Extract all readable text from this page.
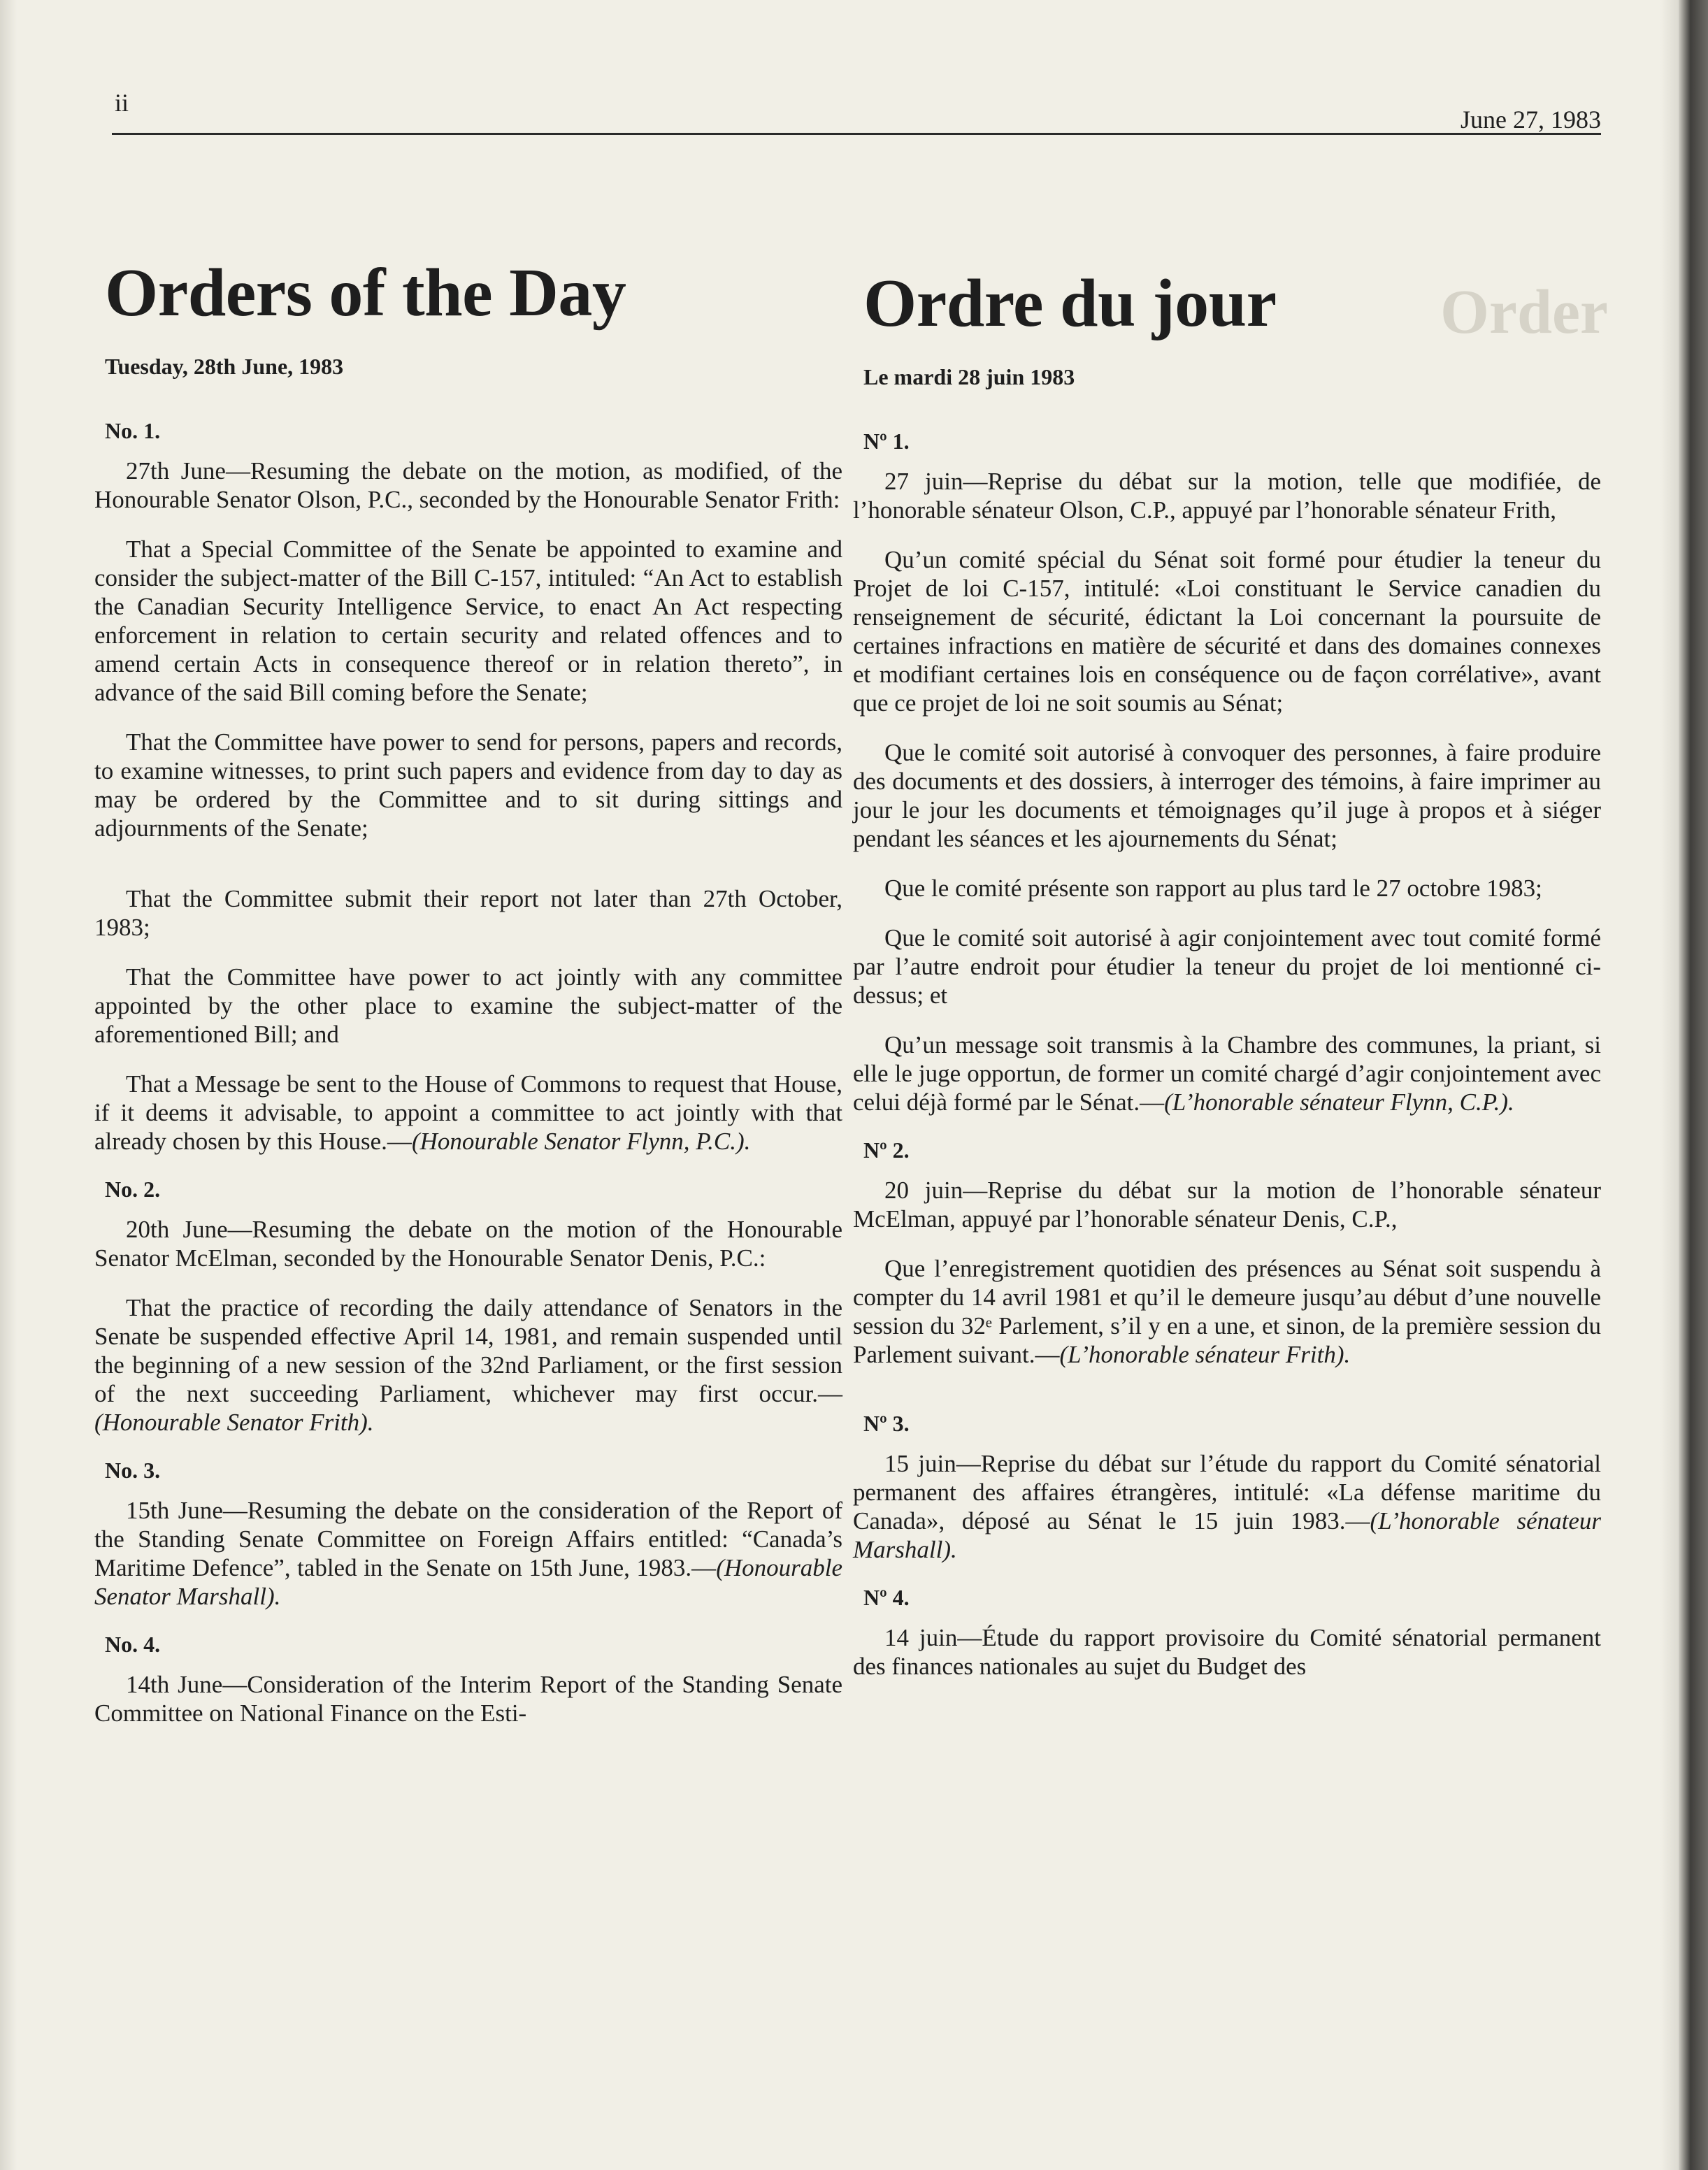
Order
ii
June 27, 1983
Orders of the Day
Tuesday, 28th June, 1983
No. 1.

27th June—Resuming the debate on the motion, as modified, of the Honourable Senator Olson, P.C., seconded by the Honourable Senator Frith:

That a Special Committee of the Senate be appointed to examine and consider the subject-matter of the Bill C-157, intituled: “An Act to establish the Canadian Security Intelligence Service, to enact An Act respecting enforcement in relation to certain security and related offences and to amend certain Acts in consequence thereof or in relation thereto”, in advance of the said Bill coming before the Senate;

That the Committee have power to send for persons, papers and records, to examine witnesses, to print such papers and evidence from day to day as may be ordered by the Committee and to sit during sittings and adjournments of the Senate;

That the Committee submit their report not later than 27th October, 1983;

That the Committee have power to act jointly with any committee appointed by the other place to examine the subject-matter of the aforementioned Bill; and

That a Message be sent to the House of Commons to request that House, if it deems it advisable, to appoint a committee to act jointly with that already chosen by this House.—(Honourable Senator Flynn, P.C.).

No. 2.

20th June—Resuming the debate on the motion of the Honourable Senator McElman, seconded by the Honourable Senator Denis, P.C.:

That the practice of recording the daily attendance of Senators in the Senate be suspended effective April 14, 1981, and remain suspended until the beginning of a new session of the 32nd Parliament, or the first session of the next succeeding Parliament, whichever may first occur.—(Honourable Senator Frith).

No. 3.

15th June—Resuming the debate on the consideration of the Report of the Standing Senate Committee on Foreign Affairs entitled: “Canada’s Maritime Defence”, tabled in the Senate on 15th June, 1983.—(Honourable Senator Marshall).

No. 4.

14th June—Consideration of the Interim Report of the Standing Senate Committee on National Finance on the Esti-

Ordre du jour
Le mardi 28 juin 1983
Nº 1.

27 juin—Reprise du débat sur la motion, telle que modifiée, de l’honorable sénateur Olson, C.P., appuyé par l’honorable sénateur Frith,

Qu’un comité spécial du Sénat soit formé pour étudier la teneur du Projet de loi C-157, intitulé: «Loi constituant le Service canadien du renseignement de sécurité, édictant la Loi concernant la poursuite de certaines infractions en matière de sécurité et dans des domaines connexes et modifiant certaines lois en conséquence ou de façon corrélative», avant que ce projet de loi ne soit soumis au Sénat;

Que le comité soit autorisé à convoquer des personnes, à faire produire des documents et des dossiers, à interroger des témoins, à faire imprimer au jour le jour les documents et témoignages qu’il juge à propos et à siéger pendant les séances et les ajournements du Sénat;

Que le comité présente son rapport au plus tard le 27 octobre 1983;

Que le comité soit autorisé à agir conjointement avec tout comité formé par l’autre endroit pour étudier la teneur du projet de loi mentionné ci-dessus; et

Qu’un message soit transmis à la Chambre des communes, la priant, si elle le juge opportun, de former un comité chargé d’agir conjointement avec celui déjà formé par le Sénat.—(L’honorable sénateur Flynn, C.P.).

Nº 2.

20 juin—Reprise du débat sur la motion de l’honorable sénateur McElman, appuyé par l’honorable sénateur Denis, C.P.,

Que l’enregistrement quotidien des présences au Sénat soit suspendu à compter du 14 avril 1981 et qu’il le demeure jusqu’au début d’une nouvelle session du 32ᵉ Parlement, s’il y en a une, et sinon, de la première session du Parlement suivant.—(L’honorable sénateur Frith).

Nº 3.

15 juin—Reprise du débat sur l’étude du rapport du Comité sénatorial permanent des affaires étrangères, intitulé: «La défense maritime du Canada», déposé au Sénat le 15 juin 1983.—(L’honorable sénateur Marshall).

Nº 4.

14 juin—Étude du rapport provisoire du Comité sénatorial permanent des finances nationales au sujet du Budget des
